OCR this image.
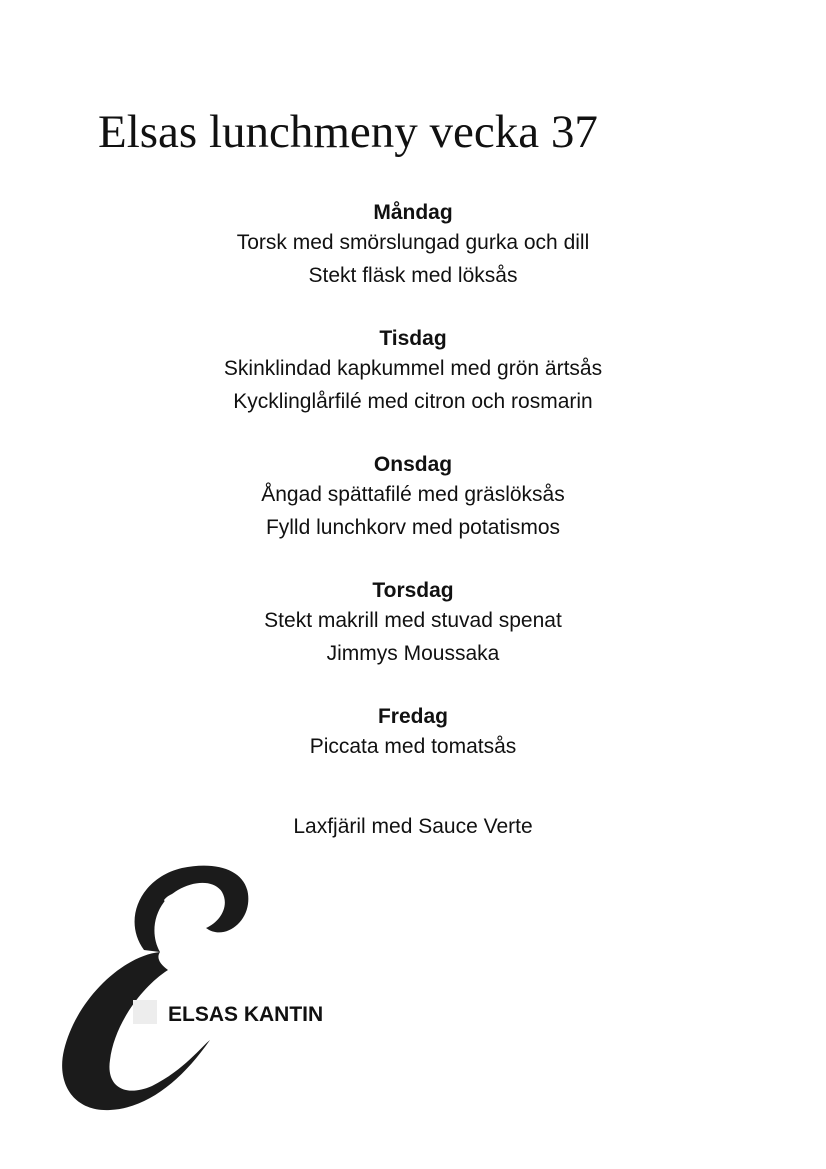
Elsas lunchmeny vecka 37
Måndag
Torsk med smörslungad gurka och dill
Stekt fläsk med löksås
Tisdag
Skinklindad kapkummel med grön ärtsås
Kycklinglårfilé med citron och rosmarin
Onsdag
Ångad spättafilé med gräslöksås
Fylld lunchkorv med potatismos
Torsdag
Stekt makrill med stuvad spenat
Jimmys Moussaka
Fredag
Piccata med tomatsås
Laxfjäril med Sauce Verte
ELSAS KANTIN
